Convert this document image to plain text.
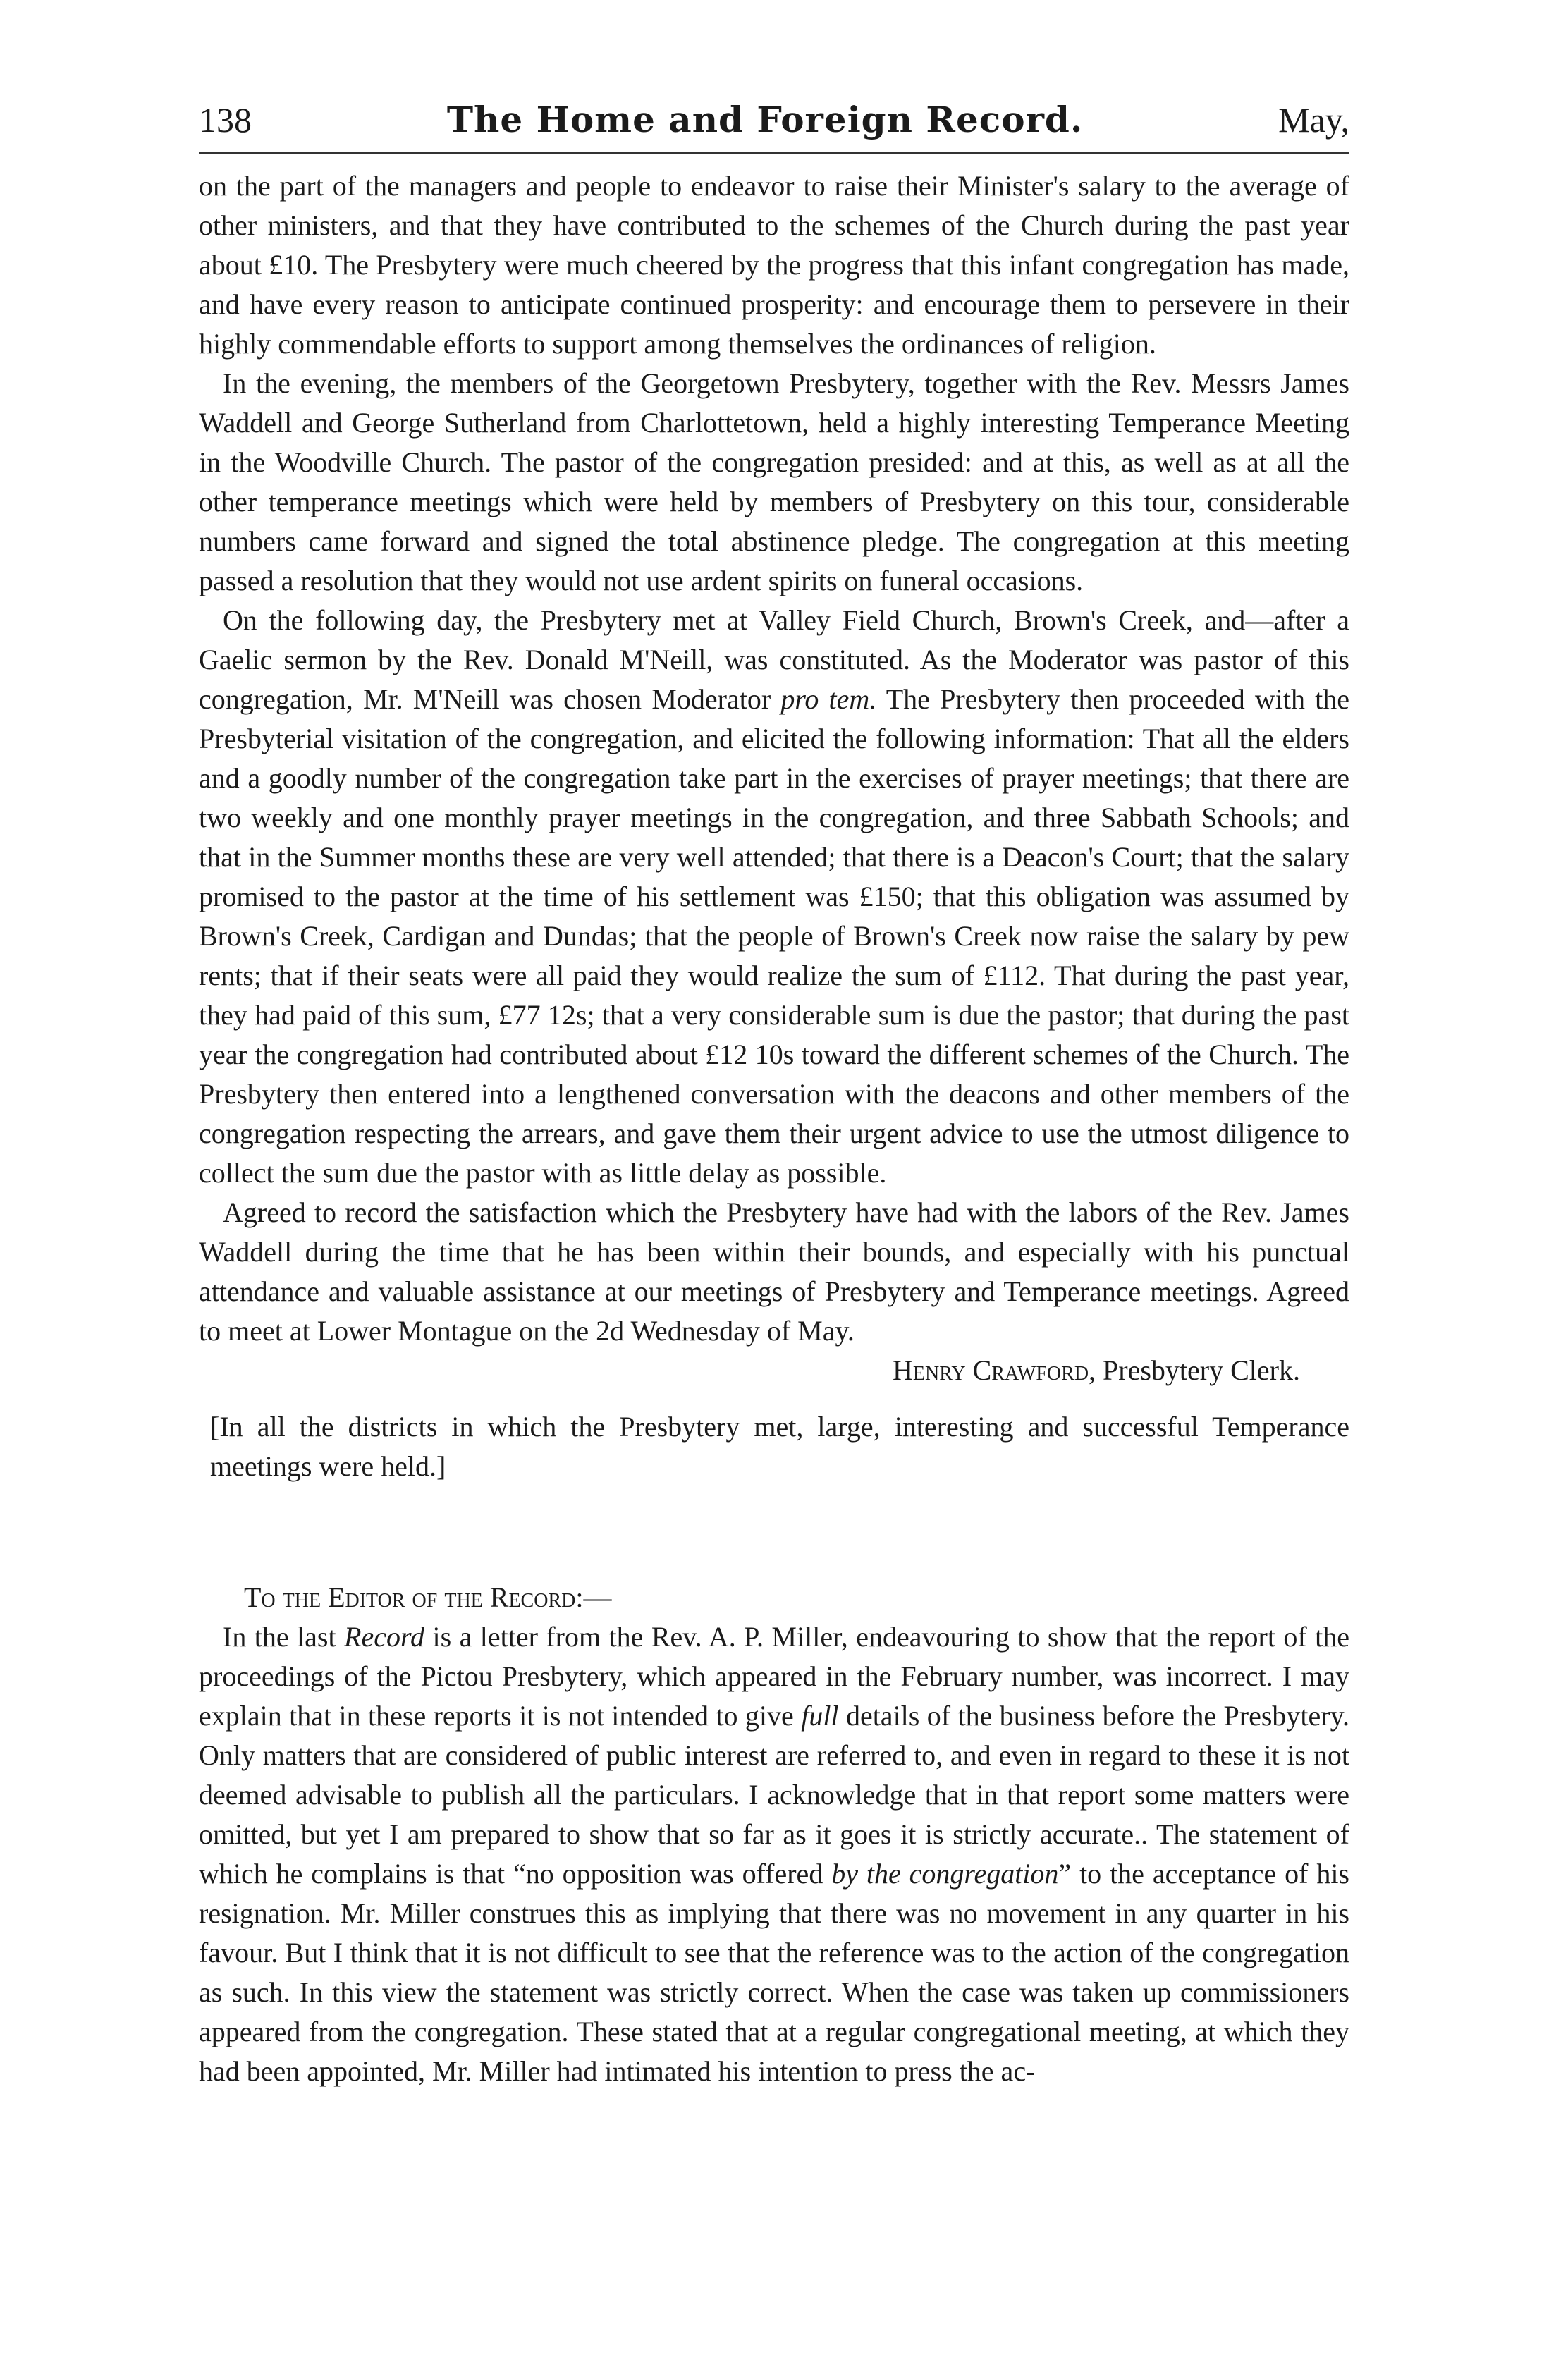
138	The Home and Foreign Record.	May,

on the part of the managers and people to endeavor to raise their Minister's salary to the average of other ministers, and that they have contributed to the schemes of the Church during the past year about £10. The Presbytery were much cheered by the progress that this infant congregation has made, and have every reason to anticipate continued prosperity: and encourage them to persevere in their highly commendable efforts to support among themselves the ordinances of religion.

In the evening, the members of the Georgetown Presbytery, together with the Rev. Messrs James Waddell and George Sutherland from Charlottetown, held a highly interesting Temperance Meeting in the Woodville Church. The pastor of the congregation presided: and at this, as well as at all the other temperance meetings which were held by members of Presbytery on this tour, considerable numbers came forward and signed the total abstinence pledge. The congregation at this meeting passed a resolution that they would not use ardent spirits on funeral occasions.

On the following day, the Presbytery met at Valley Field Church, Brown's Creek, and—after a Gaelic sermon by the Rev. Donald M'Neill, was constituted. As the Moderator was pastor of this congregation, Mr. M'Neill was chosen Moderator pro tem. The Presbytery then proceeded with the Presbyterial visitation of the congregation, and elicited the following information: That all the elders and a goodly number of the congregation take part in the exercises of prayer meetings; that there are two weekly and one monthly prayer meetings in the congregation, and three Sabbath Schools; and that in the Summer months these are very well attended; that there is a Deacon's Court; that the salary promised to the pastor at the time of his settlement was £150; that this obligation was assumed by Brown's Creek, Cardigan and Dundas; that the people of Brown's Creek now raise the salary by pew rents; that if their seats were all paid they would realize the sum of £112. That during the past year, they had paid of this sum, £77 12s; that a very considerable sum is due the pastor; that during the past year the congregation had contributed about £12 10s toward the different schemes of the Church. The Presbytery then entered into a lengthened conversation with the deacons and other members of the congregation respecting the arrears, and gave them their urgent advice to use the utmost diligence to collect the sum due the pastor with as little delay as possible.

Agreed to record the satisfaction which the Presbytery have had with the labors of the Rev. James Waddell during the time that he has been within their bounds, and especially with his punctual attendance and valuable assistance at our meetings of Presbytery and Temperance meetings. Agreed to meet at Lower Montague on the 2d Wednesday of May.

Henry Crawford, Presbytery Clerk.

[In all the districts in which the Presbytery met, large, interesting and successful Temperance meetings were held.]

To the Editor of the Record:—

In the last Record is a letter from the Rev. A. P. Miller, endeavouring to show that the report of the proceedings of the Pictou Presbytery, which appeared in the February number, was incorrect. I may explain that in these reports it is not intended to give full details of the business before the Presbytery. Only matters that are considered of public interest are referred to, and even in regard to these it is not deemed advisable to publish all the particulars. I acknowledge that in that report some matters were omitted, but yet I am prepared to show that so far as it goes it is strictly accurate.. The statement of which he complains is that “no opposition was offered by the congregation” to the acceptance of his resignation. Mr. Miller construes this as implying that there was no movement in any quarter in his favour. But I think that it is not difficult to see that the reference was to the action of the congregation as such. In this view the statement was strictly correct. When the case was taken up commissioners appeared from the congregation. These stated that at a regular congregational meeting, at which they had been appointed, Mr. Miller had intimated his intention to press the ac-
